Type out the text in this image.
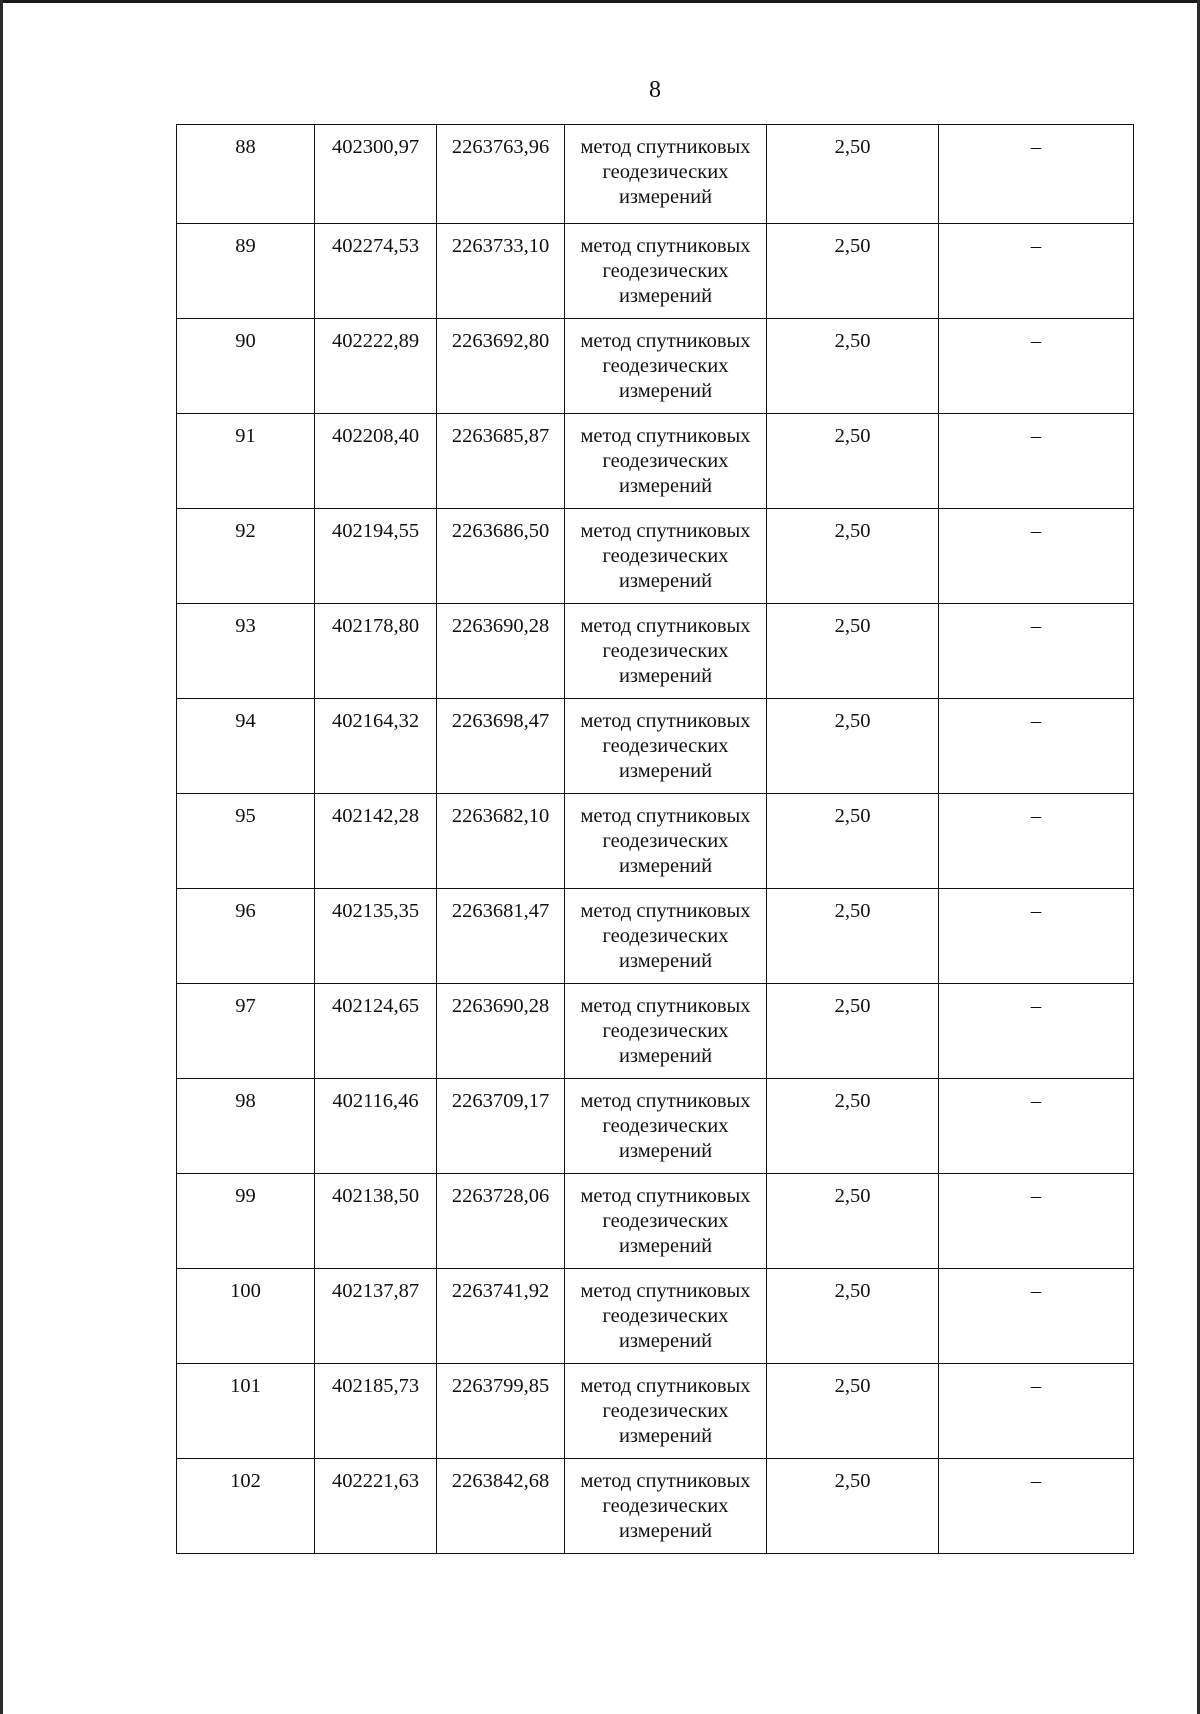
8
88	402300,97	2263763,96	метод спутниковых
геодезических
измерений	2,50	–
89	402274,53	2263733,10	метод спутниковых
геодезических
измерений	2,50	–
90	402222,89	2263692,80	метод спутниковых
геодезических
измерений	2,50	–
91	402208,40	2263685,87	метод спутниковых
геодезических
измерений	2,50	–
92	402194,55	2263686,50	метод спутниковых
геодезических
измерений	2,50	–
93	402178,80	2263690,28	метод спутниковых
геодезических
измерений	2,50	–
94	402164,32	2263698,47	метод спутниковых
геодезических
измерений	2,50	–
95	402142,28	2263682,10	метод спутниковых
геодезических
измерений	2,50	–
96	402135,35	2263681,47	метод спутниковых
геодезических
измерений	2,50	–
97	402124,65	2263690,28	метод спутниковых
геодезических
измерений	2,50	–
98	402116,46	2263709,17	метод спутниковых
геодезических
измерений	2,50	–
99	402138,50	2263728,06	метод спутниковых
геодезических
измерений	2,50	–
100	402137,87	2263741,92	метод спутниковых
геодезических
измерений	2,50	–
101	402185,73	2263799,85	метод спутниковых
геодезических
измерений	2,50	–
102	402221,63	2263842,68	метод спутниковых
геодезических
измерений	2,50	–
